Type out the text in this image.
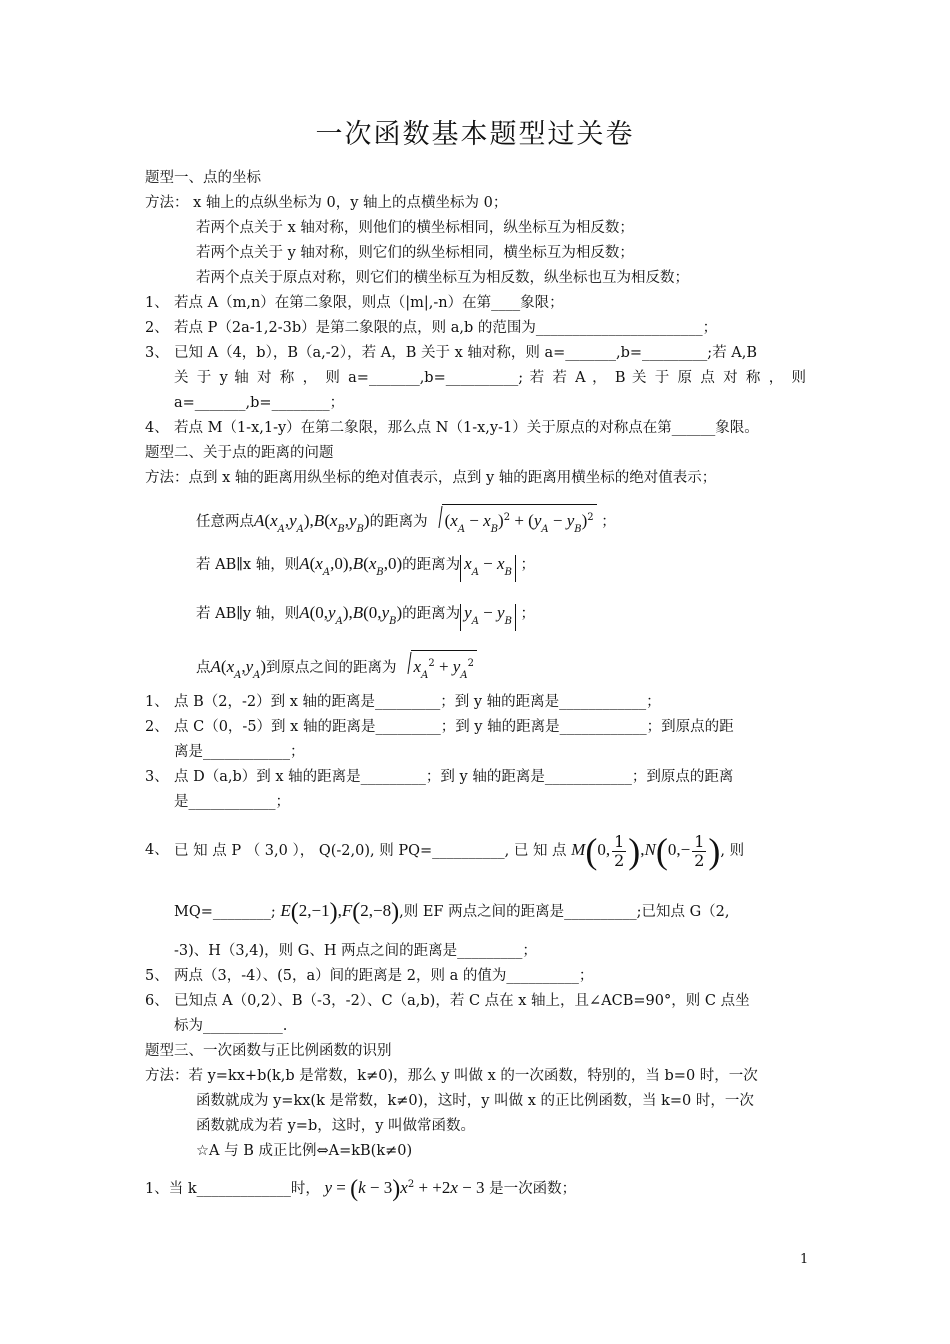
一次函数基本题型过关卷
题型一、点的坐标
方法： x 轴上的点纵坐标为 0，y 轴上的点横坐标为 0；
若两个点关于 x 轴对称，则他们的横坐标相同，纵坐标互为相反数；
若两个点关于 y 轴对称，则它们的纵坐标相同，横坐标互为相反数；
若两个点关于原点对称，则它们的横坐标互为相反数，纵坐标也互为相反数；
1、 若点 A（m,n）在第二象限，则点（|m|,-n）在第____象限；
2、 若点 P（2a-1,2-3b）是第二象限的点，则 a,b 的范围为_______________________；
3、 已知 A（4，b），B（a,-2），若 A，B 关于 x 轴对称，则 a=_______,b=_________;若 A,B
关 于 y 轴 对 称 ， 则 a=_______,b=__________; 若 若 A ， B 关 于 原 点 对 称 ， 则
a=_______,b=________；
4、 若点 M（1-x,1-y）在第二象限，那么点 N（1-x,y-1）关于原点的对称点在第______象限。
题型二、关于点的距离的问题
方法：点到 x 轴的距离用纵坐标的绝对值表示，点到 y 轴的距离用横坐标的绝对值表示；
任意两点$A(x_A,y_A),B(x_B,y_B)$的距离为 $(x_A - x_B)^2 + (y_A - y_B)^2$ ；
若 AB∥x 轴，则$A(x_A,0),B(x_B,0)$的距离为 $x_A - x_B$ ；
若 AB∥y 轴，则$A(0,y_A),B(0,y_B)$的距离为 $y_A - y_B$ ；
点$A(x_A,y_A)$到原点之间的距离为 $x_A^2 + y_A^2$
1、 点 B（2，-2）到 x 轴的距离是_________；到 y 轴的距离是____________；
2、 点 C（0，-5）到 x 轴的距离是_________；到 y 轴的距离是____________；到原点的距
离是____________；
3、 点 D（a,b）到 x 轴的距离是_________；到 y 轴的距离是____________；到原点的距离
是____________；
4、 已 知 点 P （ 3,0 ）， Q(-2,0), 则 PQ=__________, 已 知 点 M(0, $\frac{1}{2} ),N(0,- \frac{1}{2}$ ), 则
MQ=________; E(2,−1),F(2,−8),则 EF 两点之间的距离是__________;已知点 G（2,
-3)、H（3,4)，则 G、H 两点之间的距离是_________；
5、 两点（3，-4）、(5，a）间的距离是 2，则 a 的值为__________；
6、 已知点 A（0,2）、B（-3，-2）、C（a,b)，若 C 点在 x 轴上，且∠ACB=90°，则 C 点坐
标为___________.
题型三、一次函数与正比例函数的识别
方法：若 y=kx+b(k,b 是常数，k≠0)，那么 y 叫做 x 的一次函数，特别的，当 b=0 时，一次
函数就成为 y=kx(k 是常数，k≠0)，这时，y 叫做 x 的正比例函数，当 k=0 时，一次
函数就成为若 y=b，这时，y 叫做常函数。
☆A 与 B 成正比例⇔A=kB(k≠0)
1、当 k_____________时， $y = (k - 3)x^2 + +2x - 3$ 是一次函数；
1
